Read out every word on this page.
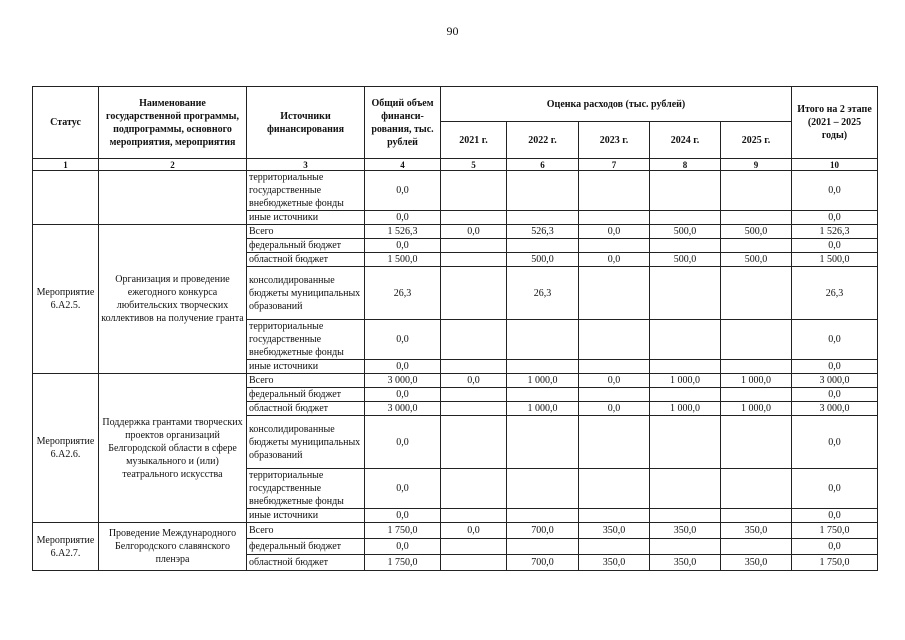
90
Статус	Наименование государственной программы, подпрограммы, основного мероприятия, мероприятия	Источники финансирования	Общий объем финанси-рования, тыс. рублей	Оценка расходов (тыс. рублей)					Итого на 2 этапе (2021 – 2025 годы)
				2021 г.	2022 г.	2023 г.	2024 г.	2025 г.	
1	2	3	4	5	6	7	8	9	10
		территориальные государственные внебюджетные фонды	0,0						0,0
		иные источники	0,0						0,0
Мероприятие 6.А2.5.	Организация и проведение ежегодного конкурса любительских творческих коллективов на получение гранта	Всего	1 526,3	0,0	526,3	0,0	500,0	500,0	1 526,3
		федеральный бюджет	0,0						0,0
		областной бюджет	1 500,0		500,0	0,0	500,0	500,0	1 500,0
		консолидированные бюджеты муниципальных образований	26,3		26,3				26,3
		территориальные государственные внебюджетные фонды	0,0						0,0
		иные источники	0,0						0,0
Мероприятие 6.А2.6.	Поддержка грантами творческих проектов организаций Белгородской области в сфере музыкального и (или) театрального искусства	Всего	3 000,0	0,0	1 000,0	0,0	1 000,0	1 000,0	3 000,0
		федеральный бюджет	0,0						0,0
		областной бюджет	3 000,0		1 000,0	0,0	1 000,0	1 000,0	3 000,0
		консолидированные бюджеты муниципальных образований	0,0						0,0
		территориальные государственные внебюджетные фонды	0,0						0,0
		иные источники	0,0						0,0
Мероприятие 6.А2.7.	Проведение Международного Белгородского славянского пленэра	Всего	1 750,0	0,0	700,0	350,0	350,0	350,0	1 750,0
		федеральный бюджет	0,0						0,0
		областной бюджет	1 750,0		700,0	350,0	350,0	350,0	1 750,0
